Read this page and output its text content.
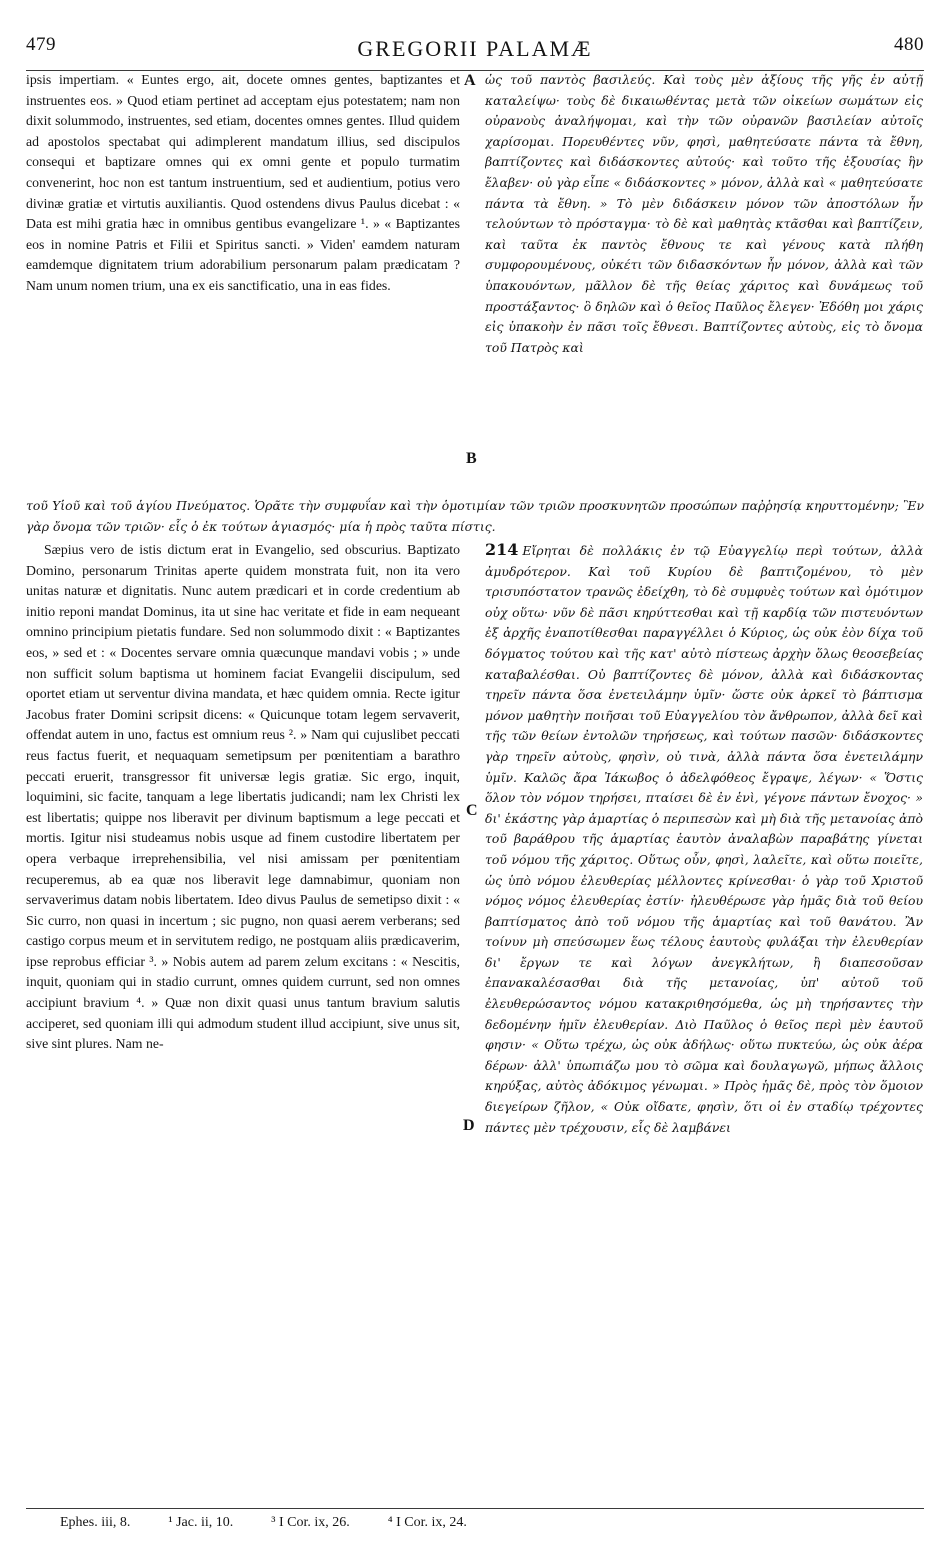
479	GREGORII PALAMÆ	480

ipsis impertiam. « Euntes ergo, ait, docete omnes gentes, baptizantes et instruentes eos. » Quod etiam pertinet ad acceptam ejus potestatem; nam non dixit solummodo, instruentes, sed etiam, docentes omnes gentes. Illud quidem ad apostolos spectabat qui adimplerent mandatum illius, sed discipulos consequi et baptizare omnes qui ex omni gente et populo turmatim convenerint, hoc non est tantum instruentium, sed et audientium, potius vero divinæ gratiæ et virtutis auxiliantis. Quod ostendens divus Paulus dicebat : « Data est mihi gratia hæc in omnibus gentibus evangelizare ¹. » « Baptizantes eos in nomine Patris et Filii et Spiritus sancti. » Viden' eamdem naturam eamdemque dignitatem trium adorabilium personarum palam prædicatam ? Nam unum nomen trium, una ex eis sanctificatio, una in eas fides.

ὡς τοῦ παντὸς βασιλεύς. Καὶ τοὺς μὲν ἀξίους τῆς γῆς ἐν αὐτῇ καταλείψω· τοὺς δὲ δικαιωθέντας μετὰ τῶν οἰκείων σωμάτων εἰς οὐρανοὺς ἀναλήψομαι, καὶ τὴν τῶν οὐρανῶν βασιλείαν αὐτοῖς χαρίσομαι. Πορευθέντες νῦν, φησὶ, μαθητεύσατε πάντα τὰ ἔθνη, βαπτίζοντες καὶ διδάσκοντες αὐτούς· καὶ τοῦτο τῆς ἐξουσίας ἣν ἔλαβεν· οὐ γὰρ εἶπε « διδάσκοντες » μόνον, ἀλλὰ καὶ « μαθητεύσατε πάντα τὰ ἔθνη. » Τὸ μὲν διδάσκειν μόνον τῶν ἀποστόλων ἦν τελούντων τὸ πρόσταγμα· τὸ δὲ καὶ μαθητὰς κτᾶσθαι καὶ βαπτίζειν, καὶ ταῦτα ἐκ παντὸς ἔθνους τε καὶ γένους κατὰ πλήθη συμφορουμένους, οὐκέτι τῶν διδασκόντων ἦν μόνον, ἀλλὰ καὶ τῶν ὑπακουόντων, μᾶλλον δὲ τῆς θείας χάριτος καὶ δυνάμεως τοῦ προστάξαντος· ὃ δηλῶν καὶ ὁ θεῖος Παῦλος ἔλεγεν· Ἐδόθη μοι χάρις εἰς ὑπακοὴν ἐν πᾶσι τοῖς ἔθνεσι. Βαπτίζοντες αὐτοὺς, εἰς τὸ ὄνομα τοῦ Πατρὸς καὶ

τοῦ Υἱοῦ καὶ τοῦ ἁγίου Πνεύματος. Ὁρᾶτε τὴν συμφυΐαν καὶ τὴν ὁμοτιμίαν τῶν τριῶν προσκυνητῶν προσώπων παῤῥησίᾳ κηρυττομένην; Ἓν γὰρ ὄνομα τῶν τριῶν· εἷς ὁ ἐκ τούτων ἁγιασμός· μία ἡ πρὸς ταῦτα πίστις.

Sæpius vero de istis dictum erat in Evangelio, sed obscurius. Baptizato Domino, personarum Trinitas aperte quidem monstrata fuit, non ita vero unitas naturæ et dignitatis. Nunc autem prædicari et in corde credentium ab initio reponi mandat Dominus, ita ut sine hac veritate et fide in eam nequeant omnino principium pietatis fundare. Sed non solummodo dixit : « Baptizantes eos, » sed et : « Docentes servare omnia quæcunque mandavi vobis ; » unde non sufficit solum baptisma ut hominem faciat Evangelii discipulum, sed oportet etiam ut serventur divina mandata, et hæc quidem omnia. Recte igitur Jacobus frater Domini scripsit dicens: « Quicunque totam legem servaverit, offendat autem in uno, factus est omnium reus ². » Nam qui cujuslibet peccati reus factus fuerit, et nequaquam semetipsum per pœnitentiam a barathro peccati eruerit, transgressor fit universæ legis gratiæ. Sic ergo, inquit, loquimini, sic facite, tanquam a lege libertatis judicandi; nam lex Christi lex est libertatis; quippe nos liberavit per divinum baptismum a lege peccati et mortis. Igitur nisi studeamus nobis usque ad finem custodire libertatem per opera verbaque irreprehensibilia, vel nisi amissam per pœnitentiam recuperemus, ab ea quæ nos liberavit lege damnabimur, quoniam non servaverimus datam nobis libertatem. Ideo divus Paulus de semetipso dixit : « Sic curro, non quasi in incertum ; sic pugno, non quasi aerem verberans; sed castigo corpus meum et in servitutem redigo, ne postquam aliis prædicaverim, ipse reprobus efficiar ³. » Nobis autem ad parem zelum excitans : « Nescitis, inquit, quoniam qui in stadio currunt, omnes quidem currunt, sed non omnes accipiunt bravium ⁴. » Quæ non dixit quasi unus tantum bravium salutis acciperet, sed quoniam illi qui admodum student illud accipiunt, sive unus sit, sive sint plures. Nam ne-

214 Εἴρηται δὲ πολλάκις ἐν τῷ Εὐαγγελίῳ περὶ τούτων, ἀλλὰ ἀμυδρότερον. Καὶ τοῦ Κυρίου δὲ βαπτιζομένου, τὸ μὲν τρισυπόστατον τρανῶς ἐδείχθη, τὸ δὲ συμφυὲς τούτων καὶ ὁμότιμον οὐχ οὕτω· νῦν δὲ πᾶσι κηρύττεσθαι καὶ τῇ καρδίᾳ τῶν πιστευόντων ἐξ ἀρχῆς ἐναποτίθεσθαι παραγγέλλει ὁ Κύριος, ὡς οὐκ ἐὸν δίχα τοῦ δόγματος τούτου καὶ τῆς κατ' αὐτὸ πίστεως ἀρχὴν ὅλως θεοσεβείας καταβαλέσθαι. Οὐ βαπτίζοντες δὲ μόνον, ἀλλὰ καὶ διδάσκοντας τηρεῖν πάντα ὅσα ἐνετειλάμην ὑμῖν· ὥστε οὐκ ἀρκεῖ τὸ βάπτισμα μόνον μαθητὴν ποιῆσαι τοῦ Εὐαγγελίου τὸν ἄνθρωπον, ἀλλὰ δεῖ καὶ τῆς τῶν θείων ἐντολῶν τηρήσεως, καὶ τούτων πασῶν· διδάσκοντες γὰρ τηρεῖν αὐτοὺς, φησὶν, οὐ τινὰ, ἀλλὰ πάντα ὅσα ἐνετειλάμην ὑμῖν. Καλῶς ἄρα Ἰάκωβος ὁ ἀδελφόθεος ἔγραψε, λέγων· « Ὅστις ὅλον τὸν νόμον τηρήσει, πταίσει δὲ ἐν ἑνὶ, γέγονε πάντων ἔνοχος· » δι' ἑκάστης γὰρ ἁμαρτίας ὁ περιπεσὼν καὶ μὴ διὰ τῆς μετανοίας ἀπὸ τοῦ βαράθρου τῆς ἁμαρτίας ἑαυτὸν ἀναλαβὼν παραβάτης γίνεται τοῦ νόμου τῆς χάριτος. Οὕτως οὖν, φησὶ, λαλεῖτε, καὶ οὕτω ποιεῖτε, ὡς ὑπὸ νόμου ἐλευθερίας μέλλοντες κρίνεσθαι· ὁ γὰρ τοῦ Χριστοῦ νόμος νόμος ἐλευθερίας ἐστίν· ἠλευθέρωσε γὰρ ἡμᾶς διὰ τοῦ θείου βαπτίσματος ἀπὸ τοῦ νόμου τῆς ἁμαρτίας καὶ τοῦ θανάτου. Ἂν τοίνυν μὴ σπεύσωμεν ἕως τέλους ἑαυτοὺς φυλάξαι τὴν ἐλευθερίαν δι' ἔργων τε καὶ λόγων ἀνεγκλήτων, ἢ διαπεσοῦσαν ἐπανακαλέσασθαι διὰ τῆς μετανοίας, ὑπ' αὐτοῦ τοῦ ἐλευθερώσαντος νόμου κατακριθησόμεθα, ὡς μὴ τηρήσαντες τὴν δεδομένην ἡμῖν ἐλευθερίαν. Διὸ Παῦλος ὁ θεῖος περὶ μὲν ἑαυτοῦ φησιν· « Οὕτω τρέχω, ὡς οὐκ ἀδήλως· οὕτω πυκτεύω, ὡς οὐκ ἀέρα δέρων· ἀλλ' ὑπωπιάζω μου τὸ σῶμα καὶ δουλαγωγῶ, μήπως ἄλλοις κηρύξας, αὐτὸς ἀδόκιμος γένωμαι. » Πρὸς ἡμᾶς δὲ, πρὸς τὸν ὅμοιον διεγείρων ζῆλον, « Οὐκ οἴδατε, φησὶν, ὅτι οἱ ἐν σταδίῳ τρέχοντες πάντες μὲν τρέχουσιν, εἷς δὲ λαμβάνει

A
B
C
D
Ephes. iii, 8.	¹ Jac. ii, 10.	³ I Cor. ix, 26.	⁴ I Cor. ix, 24.
